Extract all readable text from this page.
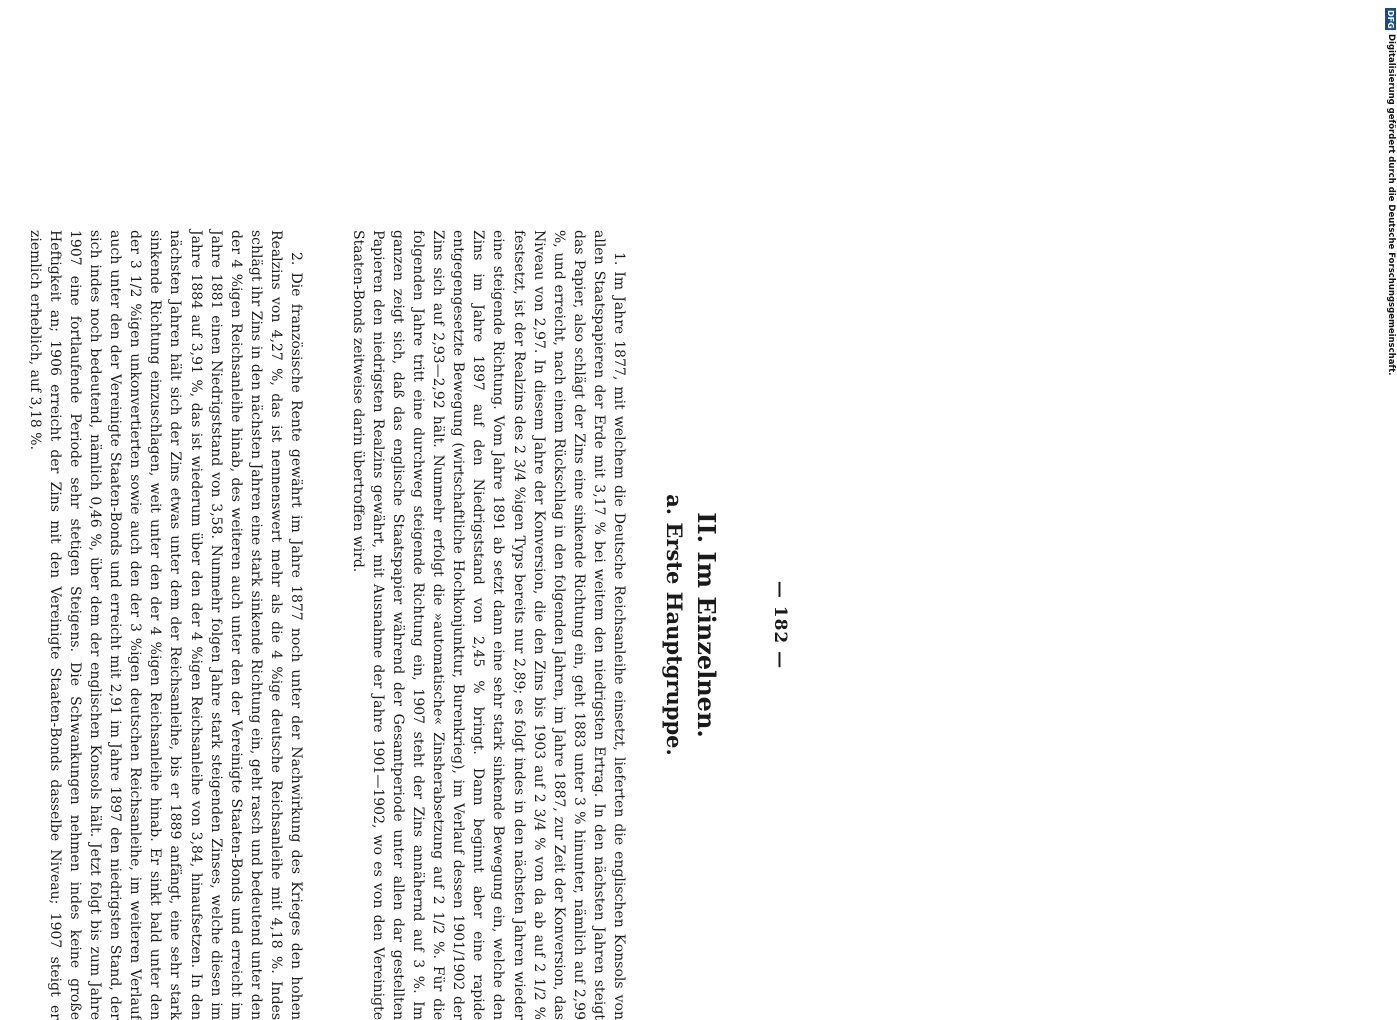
— 182 —
II. Im Einzelnen.
a. Erste Hauptgruppe.

1. Im Jahre 1877, mit welchem die Deutsche Reichsanleihe einsetzt, lieferten die englischen Konsols von allen Staatspapieren der Erde mit 3,17 % bei weitem den niedrigsten Ertrag. In den nächsten Jahren steigt das Papier, also schlägt der Zins eine sinkende Richtung ein, geht 1883 unter 3 % hinunter, nämlich auf 2,99 %, und erreicht, nach einem Rückschlag in den folgenden Jahren, im Jahre 1887, zur Zeit der Konversion, das Niveau von 2,97. In diesem Jahre der Konversion, die den Zins bis 1903 auf 2 3/4 % von da ab auf 2 1/2 % festsetzt, ist der Realzins des 2 3/4 %igen Typs bereits nur 2,89; es folgt indes in den nächsten Jahren wieder eine steigende Richtung. Vom Jahre 1891 ab setzt dann eine sehr stark sinkende Bewegung ein, welche den Zins im Jahre 1897 auf den Niedrigststand von 2,45 % bringt. Dann beginnt aber eine rapide entgegengesetzte Bewegung (wirtschaftliche Hochkonjunktur, Burenkrieg), im Verlauf dessen 1901/1902 der Zins sich auf 2,93—2,92 hält. Nunmehr erfolgt die »automatische« Zinsherabsetzung auf 2 1/2 %. Für die folgenden Jahre tritt eine durchweg steigende Richtung ein, 1907 steht der Zins annähernd auf 3 %. Im ganzen zeigt sich, daß das englische Staatspapier während der Gesamtperiode unter allen dar gestellten Papieren den niedrigsten Realzins gewährt, mit Ausnahme der Jahre 1901—1902, wo es von den Vereinigte Staaten-Bonds zeitweise darin übertroffen wird.

2. Die französische Rente gewährt im Jahre 1877 noch unter der Nachwirkung des Krieges den hohen Realzins von 4,27 %, das ist nennenswert mehr als die 4 %ige deutsche Reichsanleihe mit 4,18 %. Indes schlägt ihr Zins in den nächsten Jahren eine stark sinkende Richtung ein, geht rasch und bedeutend unter den der 4 %igen Reichsanleihe hinab, des weiteren auch unter den der Vereinigte Staaten-Bonds und erreicht im Jahre 1881 einen Niedrigststand von 3,58. Nunmehr folgen Jahre stark steigenden Zinses, welche diesen im Jahre 1884 auf 3,91 %, das ist wiederum über den der 4 %igen Reichsanleihe von 3,84, hinaufsetzen. In den nächsten Jahren hält sich der Zins etwas unter dem der Reichsanleihe, bis er 1889 anfängt, eine sehr stark sinkende Richtung einzuschlagen, weit unter den der 4 %igen Reichsanleihe hinab. Er sinkt bald unter den der 3 1/2 %igen unkonvertierten sowie auch den der 3 %igen deutschen Reichsanleihe, im weiteren Verlauf auch unter den der Vereinigte Staaten-Bonds und erreicht mit 2,91 im Jahre 1897 den niedrigsten Stand, der sich indes noch bedeutend, nämlich 0,46 %, über dem der englischen Konsols hält. Jetzt folgt bis zum Jahre 1907 eine fortlaufende Periode sehr stetigen Steigens. Die Schwankungen nehmen indes keine große Heftigkeit an; 1906 erreicht der Zins mit den Vereinigte Staaten-Bonds dasselbe Niveau; 1907 steigt er ziemlich erheblich, auf 3,18 %.

DFG
Digitalisierung gefördert durch die Deutsche Forschungsgemeinschaft.
